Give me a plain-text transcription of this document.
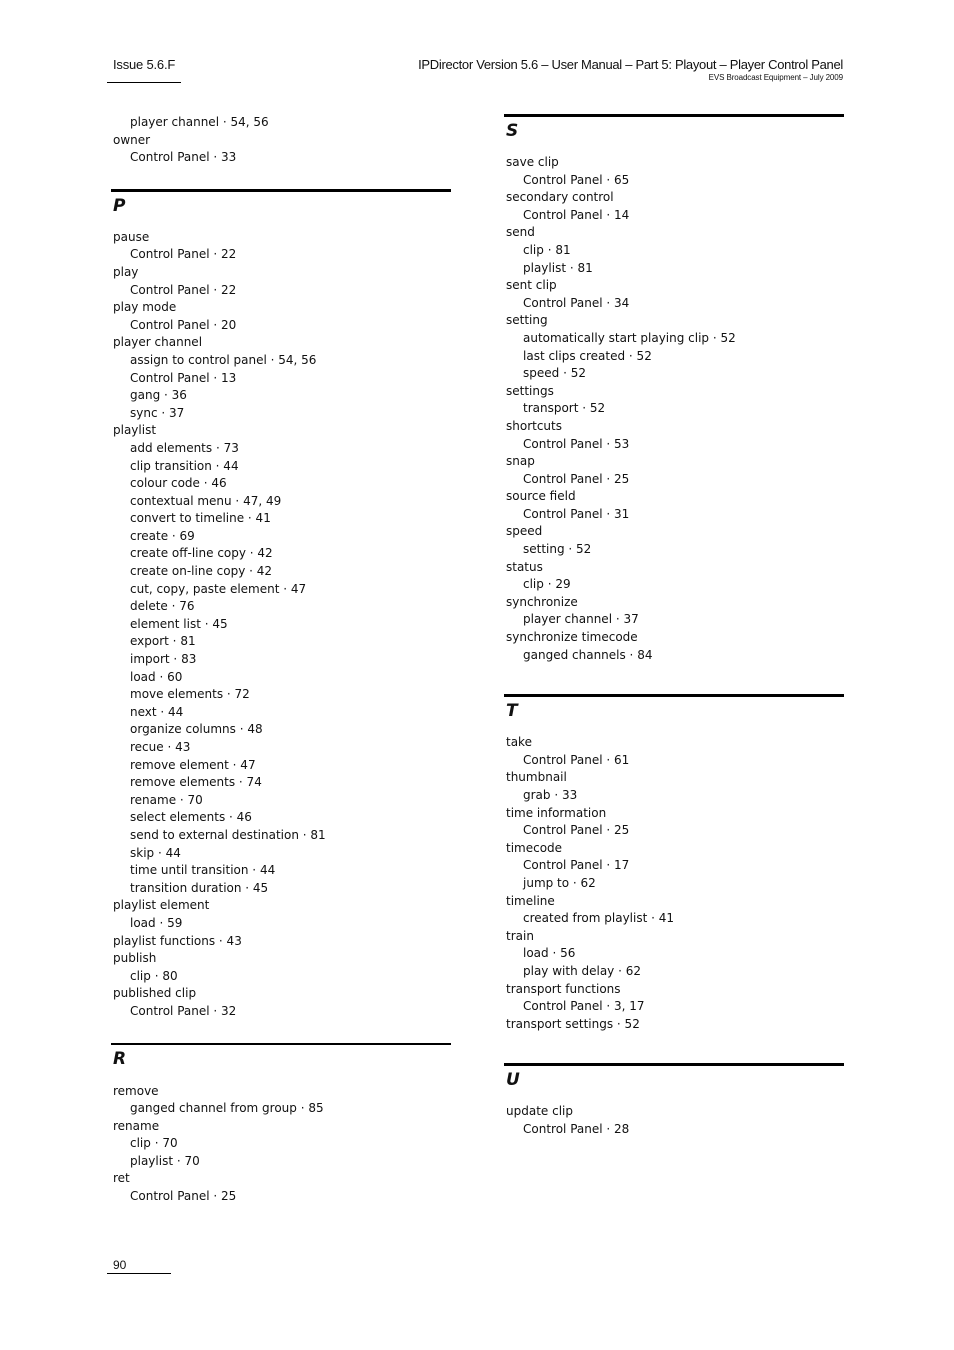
Issue 5.6.F	IPDirector Version 5.6 – User Manual – Part 5: Playout – Player Control Panel
EVS Broadcast Equipment – July 2009
player channel · 54, 56
owner
Control Panel · 33
P
pause
Control Panel · 22
play
Control Panel · 22
play mode
Control Panel · 20
player channel
assign to control panel · 54, 56
Control Panel · 13
gang · 36
sync · 37
playlist
add elements · 73
clip transition · 44
colour code · 46
contextual menu · 47, 49
convert to timeline · 41
create · 69
create off-line copy · 42
create on-line copy · 42
cut, copy, paste element · 47
delete · 76
element list · 45
export · 81
import · 83
load · 60
move elements · 72
next · 44
organize columns · 48
recue · 43
remove element · 47
remove elements · 74
rename · 70
select elements · 46
send to external destination · 81
skip · 44
time until transition · 44
transition duration · 45
playlist element
load · 59
playlist functions · 43
publish
clip · 80
published clip
Control Panel · 32
R
remove
ganged channel from group · 85
rename
clip · 70
playlist · 70
ret
Control Panel · 25
S
save clip
Control Panel · 65
secondary control
Control Panel · 14
send
clip · 81
playlist · 81
sent clip
Control Panel · 34
setting
automatically start playing clip · 52
last clips created · 52
speed · 52
settings
transport · 52
shortcuts
Control Panel · 53
snap
Control Panel · 25
source field
Control Panel · 31
speed
setting · 52
status
clip · 29
synchronize
player channel · 37
synchronize timecode
ganged channels · 84
T
take
Control Panel · 61
thumbnail
grab · 33
time information
Control Panel · 25
timecode
Control Panel · 17
jump to · 62
timeline
created from playlist · 41
train
load · 56
play with delay · 62
transport functions
Control Panel · 3, 17
transport settings · 52
U
update clip
Control Panel · 28
90
